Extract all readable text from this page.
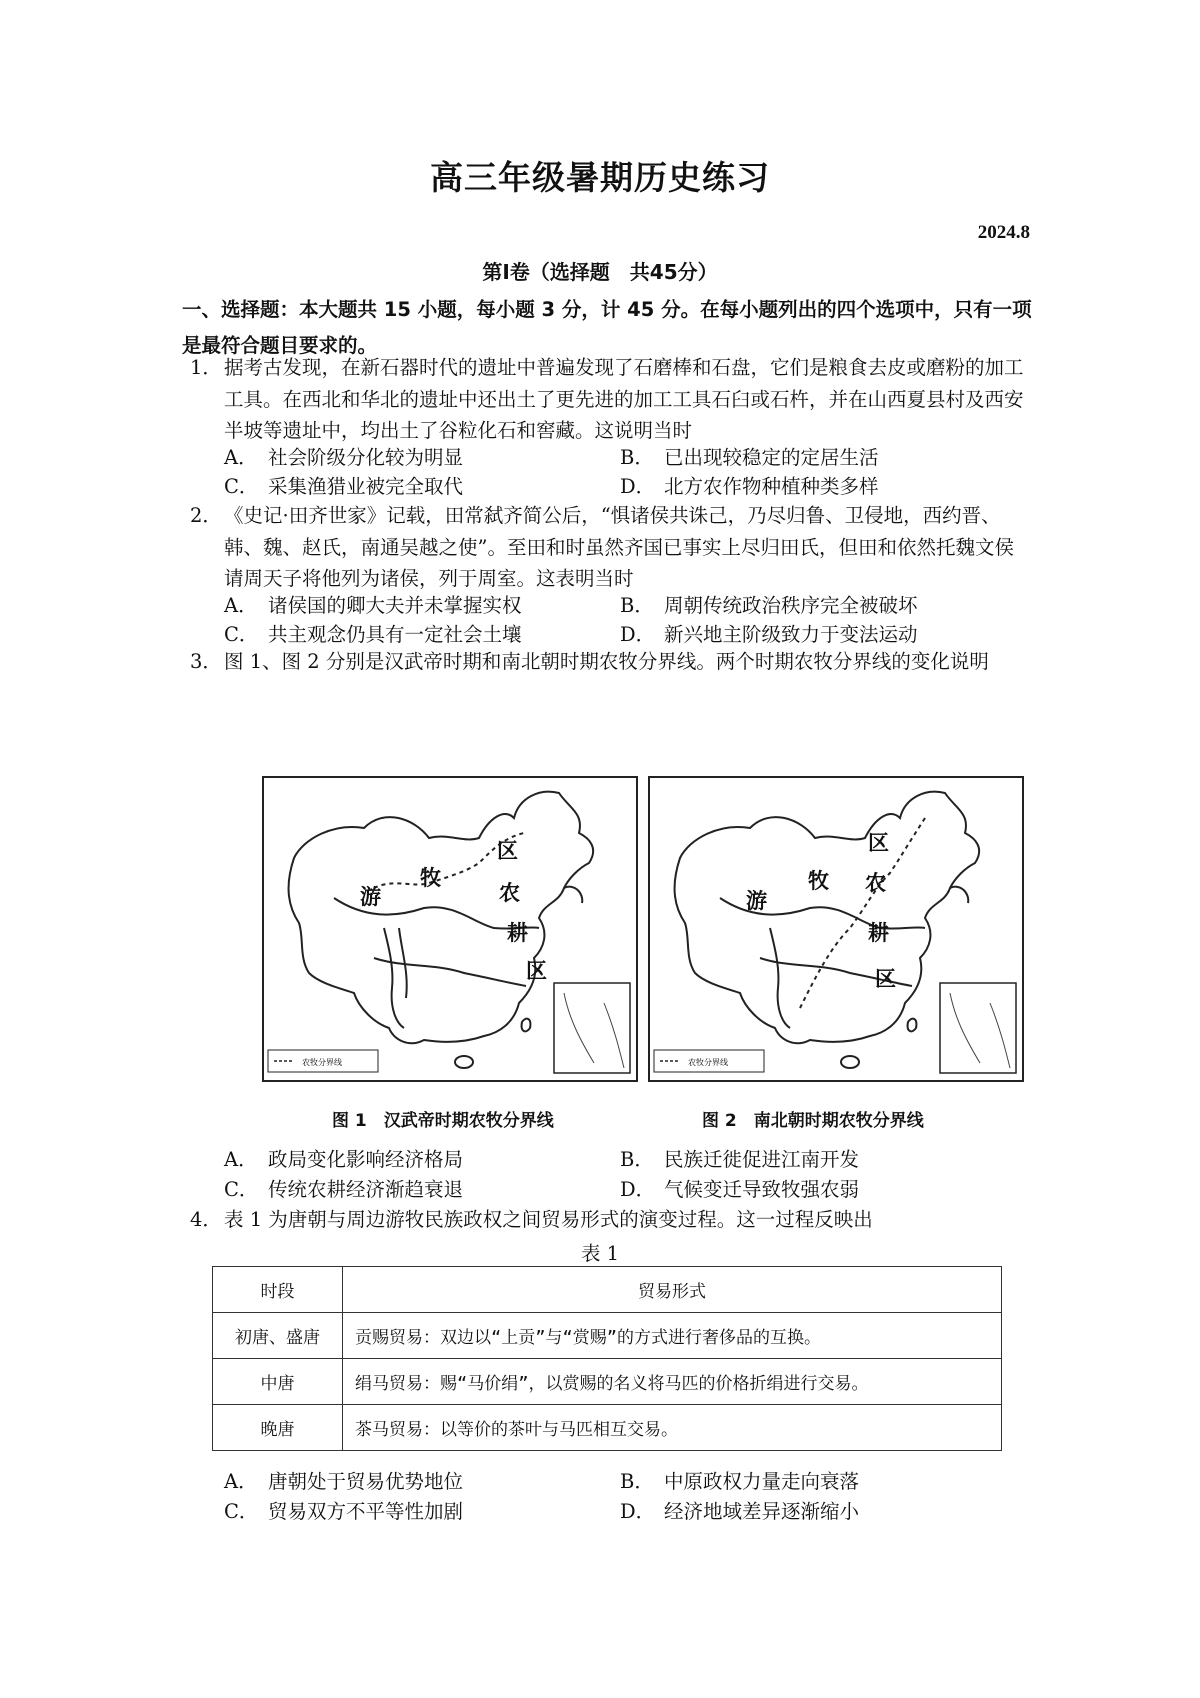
高三年级暑期历史练习
2024.8
第Ⅰ卷（选择题　共45分）
一、选择题：本大题共 15 小题，每小题 3 分，计 45 分。在每小题列出的四个选项中，只有一项是最符合题目要求的。
1． 据考古发现，在新石器时代的遗址中普遍发现了石磨棒和石盘，它们是粮食去皮或磨粉的加工工具。在西北和华北的遗址中还出土了更先进的加工工具石臼或石杵，并在山西夏县村及西安半坡等遗址中，均出土了谷粒化石和窖藏。这说明当时
A． 社会阶级分化较为明显	B． 已出现较稳定的定居生活
C． 采集渔猎业被完全取代	D． 北方农作物种植种类多样
2． 《史记·田齐世家》记载，田常弑齐简公后，“惧诸侯共诛己，乃尽归鲁、卫侵地，西约晋、韩、魏、赵氏，南通吴越之使”。至田和时虽然齐国已事实上尽归田氏，但田和依然托魏文侯请周天子将他列为诸侯，列于周室。这表明当时
A． 诸侯国的卿大夫并未掌握实权	B． 周朝传统政治秩序完全被破坏
C． 共主观念仍具有一定社会土壤	D． 新兴地主阶级致力于变法运动
3． 图 1、图 2 分别是汉武帝时期和南北朝时期农牧分界线。两个时期农牧分界线的变化说明
农牧分界线
游
牧
区
农
耕
区
图 1　汉武帝时期农牧分界线
农牧分界线
游
牧
区
农
耕
区
图 2　南北朝时期农牧分界线
A． 政局变化影响经济格局	B． 民族迁徙促进江南开发
C． 传统农耕经济渐趋衰退	D． 气候变迁导致牧强农弱
4． 表 1 为唐朝与周边游牧民族政权之间贸易形式的演变过程。这一过程反映出
表 1
时段	贸易形式
初唐、盛唐	贡赐贸易：双边以“上贡”与“赏赐”的方式进行奢侈品的互换。
中唐	绢马贸易：赐“马价绢”，以赏赐的名义将马匹的价格折绢进行交易。
晚唐	茶马贸易：以等价的茶叶与马匹相互交易。
A． 唐朝处于贸易优势地位	B． 中原政权力量走向衰落
C． 贸易双方不平等性加剧	D． 经济地域差异逐渐缩小
